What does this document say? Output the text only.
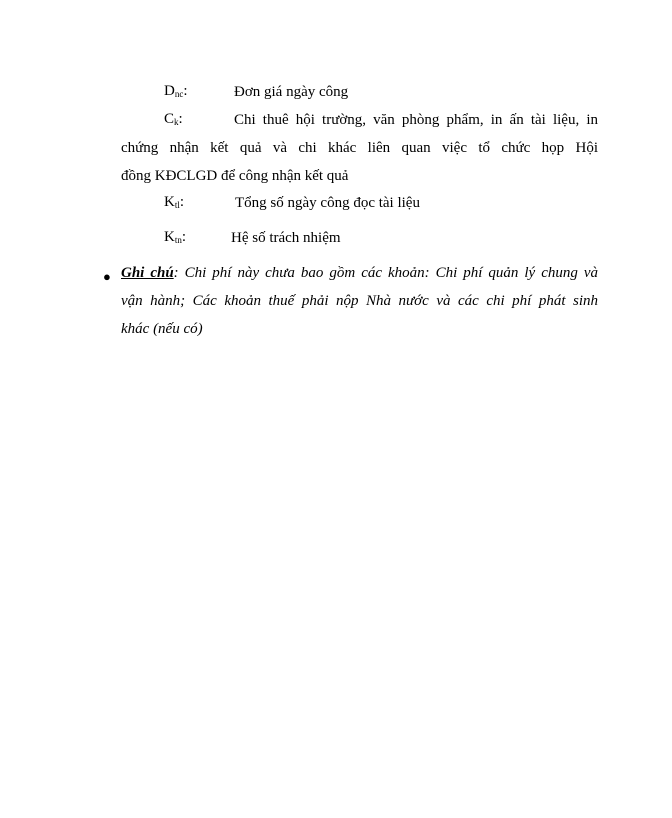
$D_{nc}$:	Đơn giá ngày công
$C_k$:	Chi thuê hội trường, văn phòng phẩm, in ấn tài liệu, in
chứng nhận kết quả và chi khác liên quan việc tổ chức họp Hội
đồng KĐCLGD để công nhận kết quả
$K_{tl}$:	Tổng số ngày công đọc tài liệu
$K_{tn}$:	Hệ số trách nhiệm
● Ghi chú: Chi phí này chưa bao gồm các khoản: Chi phí quản lý chung và
vận hành; Các khoản thuế phải nộp Nhà nước và các chi phí phát sinh
khác (nếu có)
